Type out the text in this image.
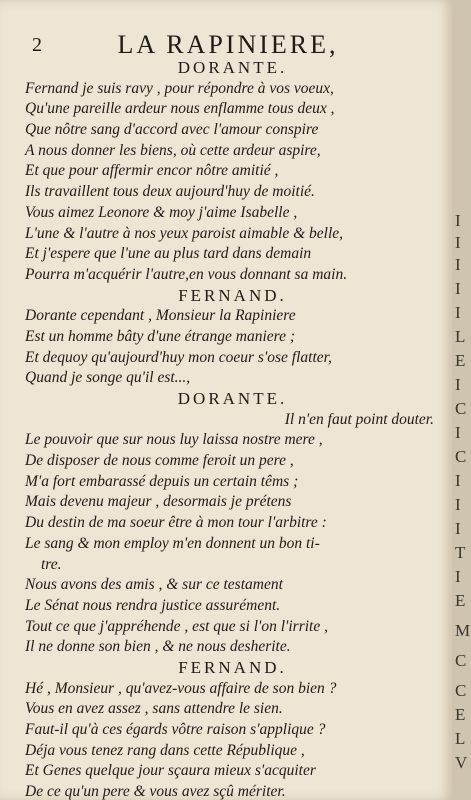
2	LA RAPINIERE,
DORANTE.
Fernand je suis ravy , pour répondre à vos voeux,
Qu'une pareille ardeur nous enflamme tous deux ,
Que nôtre sang d'accord avec l'amour conspire
A nous donner les biens, où cette ardeur aspire,
Et que pour affermir encor nôtre amitié ,
Ils travaillent tous deux aujourd'huy de moitié.
Vous aimez Leonore & moy j'aime Isabelle ,
L'une & l'autre à nos yeux paroist aimable & belle,
Et j'espere que l'une au plus tard dans demain
Pourra m'acquérir l'autre,en vous donnant sa main.
FERNAND.
Dorante cependant , Monsieur la Rapiniere
Est un homme bâty d'une étrange maniere ;
Et dequoy qu'aujourd'huy mon coeur s'ose flatter,
Quand je songe qu'il est...,
DORANTE.
Il n'en faut point douter.
Le pouvoir que sur nous luy laissa nostre mere ,
De disposer de nous comme feroit un pere ,
M'a fort embarassé depuis un certain têms ;
Mais devenu majeur , desormais je prétens
Du destin de ma soeur être à mon tour l'arbitre :
Le sang & mon employ m'en donnent un bon ti-
tre.
Nous avons des amis , & sur ce testament
Le Sénat nous rendra justice assurément.
Tout ce que j'appréhende , est que si l'on l'irrite ,
Il ne donne son bien , & ne nous desherite.
FERNAND.
Hé , Monsieur , qu'avez-vous affaire de son bien ?
Vous en avez assez , sans attendre le sien.
Faut-il qu'à ces égards vôtre raison s'applique ?
Déja vous tenez rang dans cette République ,
Et Genes quelque jour sçaura mieux s'acquiter
De ce qu'un pere & vous avez sçû mériter.
I
I
I
I
I
L
E
I
C
I
C
I
I
I
T
I
E
M
C
C
E
L
V
